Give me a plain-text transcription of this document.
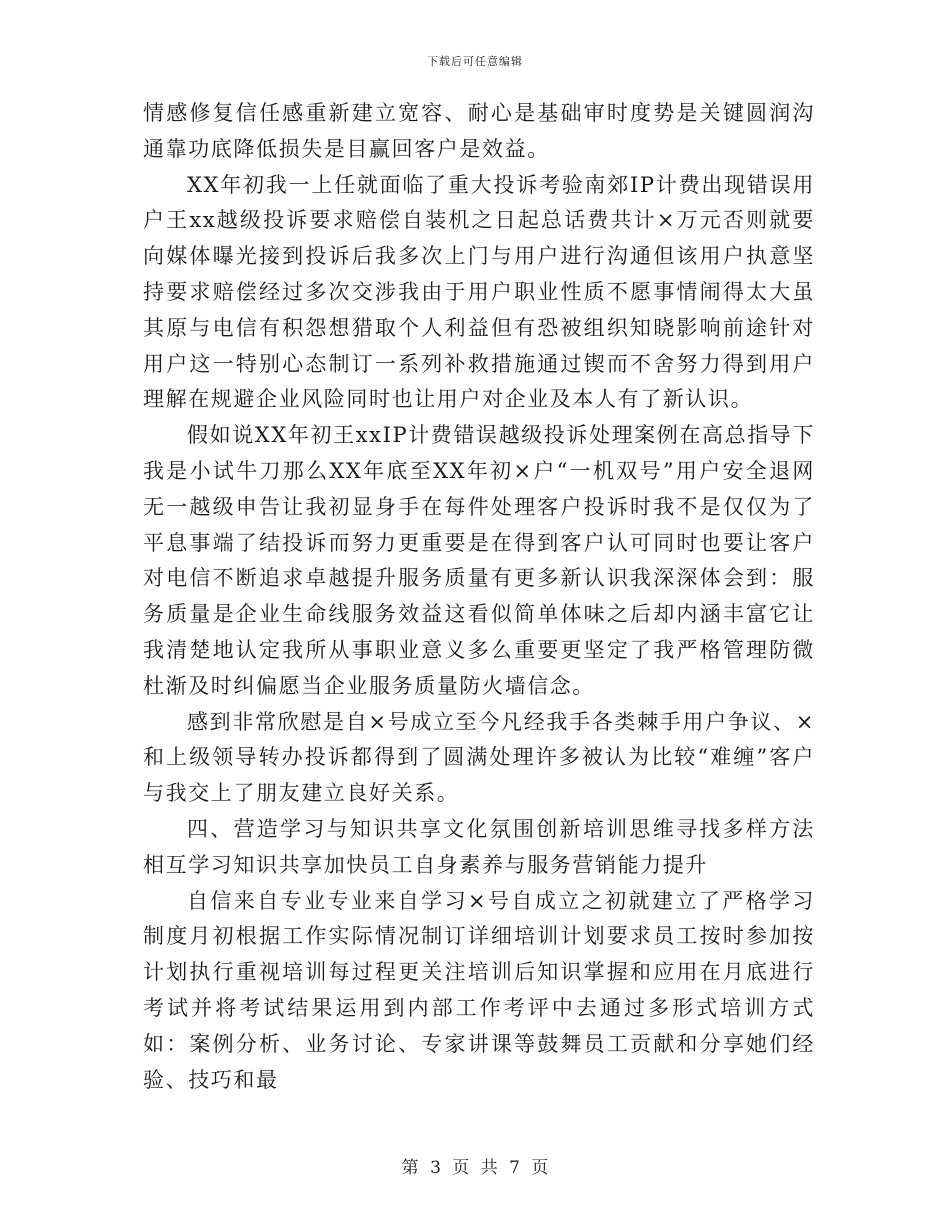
下载后可任意编辑

情感修复信任感重新建立宽容、耐心是基础审时度势是关键圆润沟通靠功底降低损失是目赢回客户是效益。

XX年初我一上任就面临了重大投诉考验南郊IP计费出现错误用户王xx越级投诉要求赔偿自装机之日起总话费共计×万元否则就要向媒体曝光接到投诉后我多次上门与用户进行沟通但该用户执意坚持要求赔偿经过多次交涉我由于用户职业性质不愿事情闹得太大虽其原与电信有积怨想猎取个人利益但有恐被组织知晓影响前途针对用户这一特别心态制订一系列补救措施通过锲而不舍努力得到用户理解在规避企业风险同时也让用户对企业及本人有了新认识。

假如说XX年初王xxIP计费错误越级投诉处理案例在高总指导下我是小试牛刀那么XX年底至XX年初×户“一机双号”用户安全退网无一越级申告让我初显身手在每件处理客户投诉时我不是仅仅为了平息事端了结投诉而努力更重要是在得到客户认可同时也要让客户对电信不断追求卓越提升服务质量有更多新认识我深深体会到：服务质量是企业生命线服务效益这看似简单体味之后却内涵丰富它让我清楚地认定我所从事职业意义多么重要更坚定了我严格管理防微杜渐及时纠偏愿当企业服务质量防火墙信念。

感到非常欣慰是自×号成立至今凡经我手各类棘手用户争议、×和上级领导转办投诉都得到了圆满处理许多被认为比较“难缠”客户与我交上了朋友建立良好关系。

四、营造学习与知识共享文化氛围创新培训思维寻找多样方法相互学习知识共享加快员工自身素养与服务营销能力提升

自信来自专业专业来自学习×号自成立之初就建立了严格学习制度月初根据工作实际情况制订详细培训计划要求员工按时参加按计划执行重视培训每过程更关注培训后知识掌握和应用在月底进行考试并将考试结果运用到内部工作考评中去通过多形式培训方式如：案例分析、业务讨论、专家讲课等鼓舞员工贡献和分享她们经验、技巧和最

第 3 页 共 7 页
